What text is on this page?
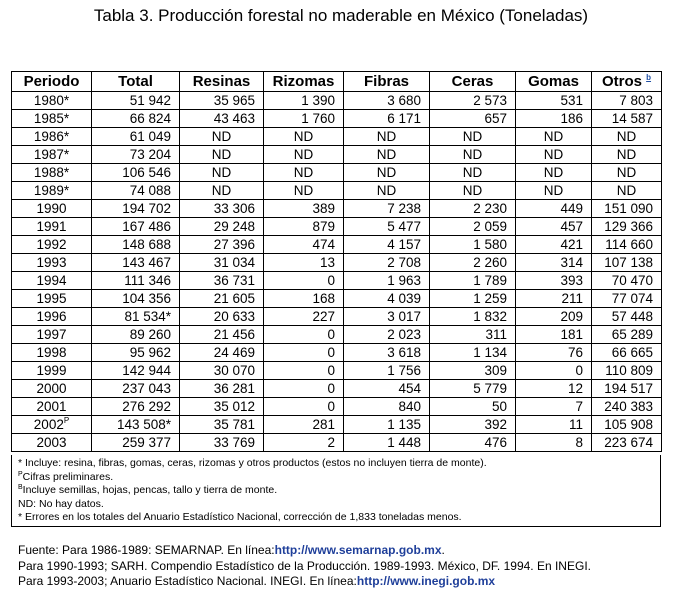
Tabla 3. Producción forestal no maderable en México (Toneladas)
Periodo	Total	Resinas	Rizomas	Fibras	Ceras	Gomas	Otros $^b$
1980*	51 942	35 965	1 390	3 680	2 573	531	7 803
1985*	66 824	43 463	1 760	6 171	657	186	14 587
1986*	61 049	ND	ND	ND	ND	ND	ND
1987*	73 204	ND	ND	ND	ND	ND	ND
1988*	106 546	ND	ND	ND	ND	ND	ND
1989*	74 088	ND	ND	ND	ND	ND	ND
1990	194 702	33 306	389	7 238	2 230	449	151 090
1991	167 486	29 248	879	5 477	2 059	457	129 366
1992	148 688	27 396	474	4 157	1 580	421	114 660
1993	143 467	31 034	13	2 708	2 260	314	107 138
1994	111 346	36 731	0	1 963	1 789	393	70 470
1995	104 356	21 605	168	4 039	1 259	211	77 074
1996	81 534*	20 633	227	3 017	1 832	209	57 448
1997	89 260	21 456	0	2 023	311	181	65 289
1998	95 962	24 469	0	3 618	1 134	76	66 665
1999	142 944	30 070	0	1 756	309	0	110 809
2000	237 043	36 281	0	454	5 779	12	194 517
2001	276 292	35 012	0	840	50	7	240 383
$2002^P$	143 508*	35 781	281	1 135	392	11	105 908
2003	259 377	33 769	2	1 448	476	8	223 674
* Incluye: resina, fibras, gomas, ceras, rizomas y otros productos (estos no incluyen tierra de monte).
$^P$Cifras preliminares.
$^B$Incluye semillas, hojas, pencas, tallo y tierra de monte.
ND: No hay datos.
* Errores en los totales del Anuario Estadístico Nacional, corrección de 1,833 toneladas menos.
Fuente: Para 1986-1989: SEMARNAP. En línea:http://www.semarnap.gob.mx.
Para 1990-1993; SARH. Compendio Estadístico de la Producción. 1989-1993. México, DF. 1994. En INEGI.
Para 1993-2003; Anuario Estadístico Nacional. INEGI. En línea:http://www.inegi.gob.mx
